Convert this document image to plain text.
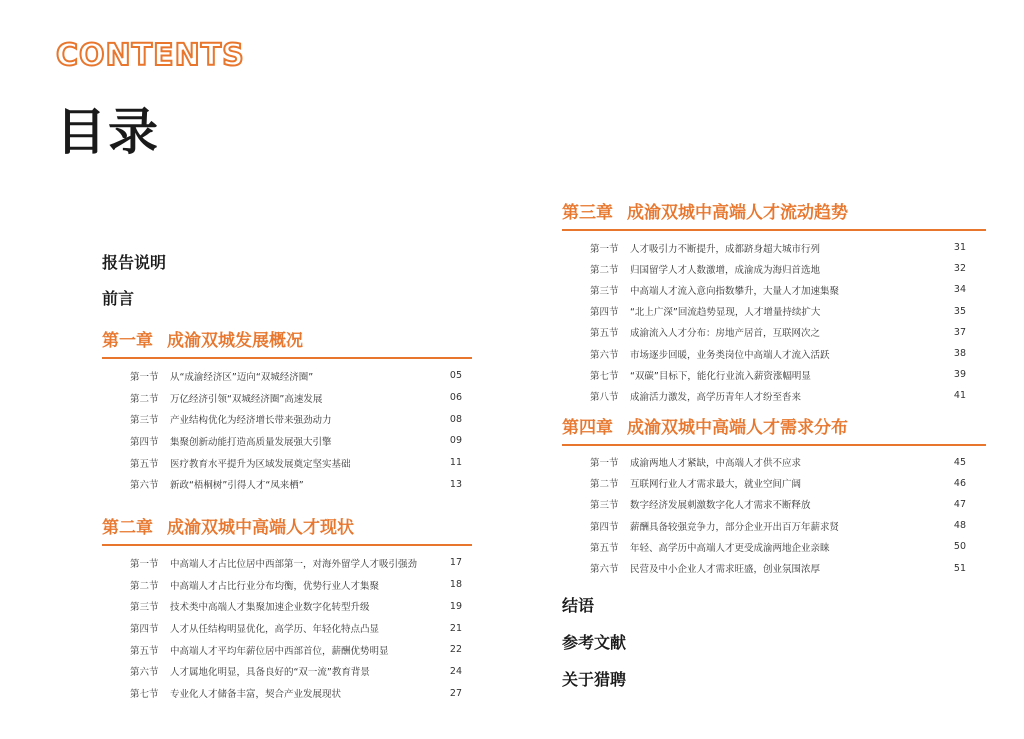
CONTENTS
目录
报告说明
前言
第一章 成渝双城发展概况
第一节	从“成渝经济区”迈向“双城经济圈”	05
第二节	万亿经济引领“双城经济圈”高速发展	06
第三节	产业结构优化为经济增长带来强劲动力	08
第四节	集聚创新动能打造高质量发展强大引擎	09
第五节	医疗教育水平提升为区域发展奠定坚实基础	11
第六节	新政“梧桐树”引得人才“凤来栖”	13
第二章 成渝双城中高端人才现状
第一节	中高端人才占比位居中西部第一，对海外留学人才吸引强劲	17
第二节	中高端人才占比行业分布均衡，优势行业人才集聚	18
第三节	技术类中高端人才集聚加速企业数字化转型升级	19
第四节	人才从任结构明显优化，高学历、年轻化特点凸显	21
第五节	中高端人才平均年薪位居中西部首位，薪酬优势明显	22
第六节	人才属地化明显，具备良好的“双一流”教育背景	24
第七节	专业化人才储备丰富，契合产业发展现状	27
第三章 成渝双城中高端人才流动趋势
第一节	人才吸引力不断提升，成都跻身超大城市行列	31
第二节	归国留学人才人数激增，成渝成为海归首选地	32
第三节	中高端人才流入意向指数攀升，大量人才加速集聚	34
第四节	“北上广深”回流趋势显现，人才增量持续扩大	35
第五节	成渝流入人才分布：房地产居首，互联网次之	37
第六节	市场逐步回暖，业务类岗位中高端人才流入活跃	38
第七节	“双碳”目标下，能化行业流入薪资涨幅明显	39
第八节	成渝活力激发，高学历青年人才纷至沓来	41
第四章 成渝双城中高端人才需求分布
第一节	成渝两地人才紧缺，中高端人才供不应求	45
第二节	互联网行业人才需求最大，就业空间广阔	46
第三节	数字经济发展刺激数字化人才需求不断释放	47
第四节	薪酬具备较强竞争力，部分企业开出百万年薪求贤	48
第五节	年轻、高学历中高端人才更受成渝两地企业亲睐	50
第六节	民营及中小企业人才需求旺盛，创业氛围浓厚	51
结语
参考文献
关于猎聘
